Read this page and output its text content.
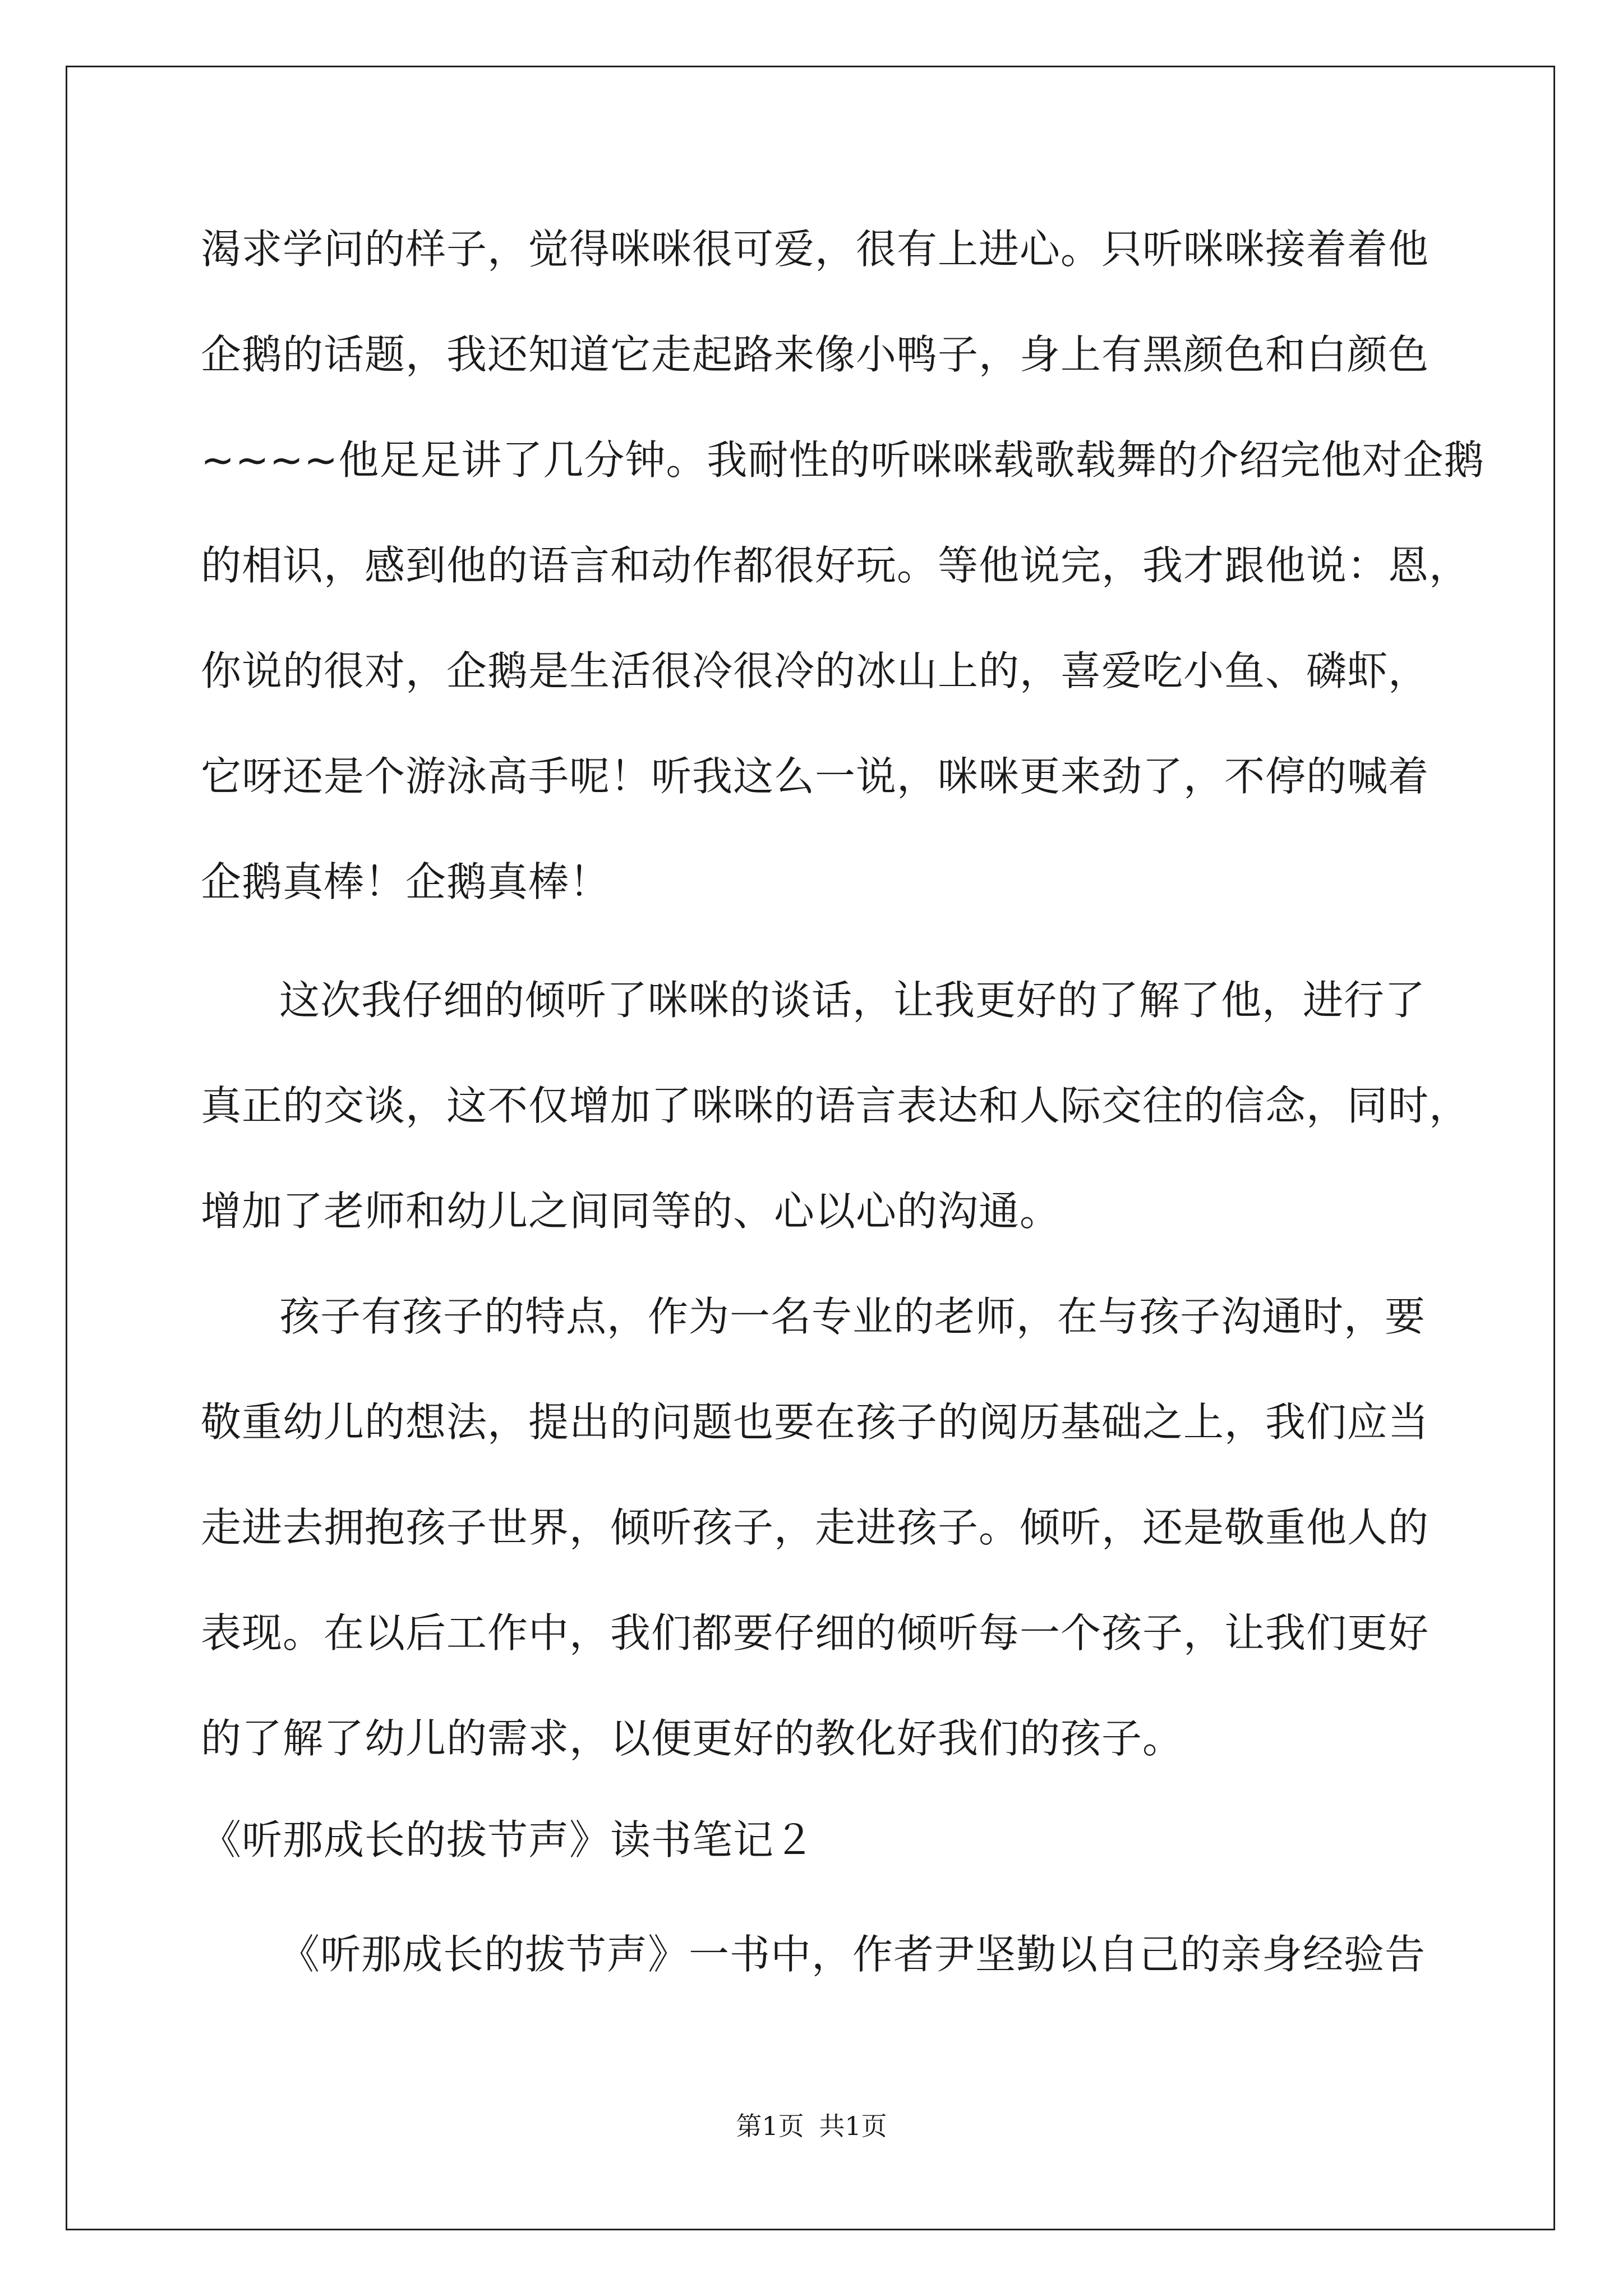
渴求学问的样子，觉得咪咪很可爱，很有上进心。只听咪咪接着着他
企鹅的话题，我还知道它走起路来像小鸭子，身上有黑颜色和白颜色
~~~~他足足讲了几分钟。我耐性的听咪咪载歌载舞的介绍完他对企鹅
的相识，感到他的语言和动作都很好玩。等他说完，我才跟他说：恩，
你说的很对，企鹅是生活很冷很冷的冰山上的，喜爱吃小鱼、磷虾，
它呀还是个游泳高手呢！听我这么一说，咪咪更来劲了，不停的喊着
企鹅真棒！企鹅真棒！
这次我仔细的倾听了咪咪的谈话，让我更好的了解了他，进行了
真正的交谈，这不仅增加了咪咪的语言表达和人际交往的信念，同时，
增加了老师和幼儿之间同等的、心以心的沟通。
孩子有孩子的特点，作为一名专业的老师，在与孩子沟通时，要
敬重幼儿的想法，提出的问题也要在孩子的阅历基础之上，我们应当
走进去拥抱孩子世界，倾听孩子，走进孩子。倾听，还是敬重他人的
表现。在以后工作中，我们都要仔细的倾听每一个孩子，让我们更好
的了解了幼儿的需求，以便更好的教化好我们的孩子。
《听那成长的拔节声》读书笔记２
《听那成长的拔节声》一书中，作者尹坚勤以自己的亲身经验告
第1页 共1页
